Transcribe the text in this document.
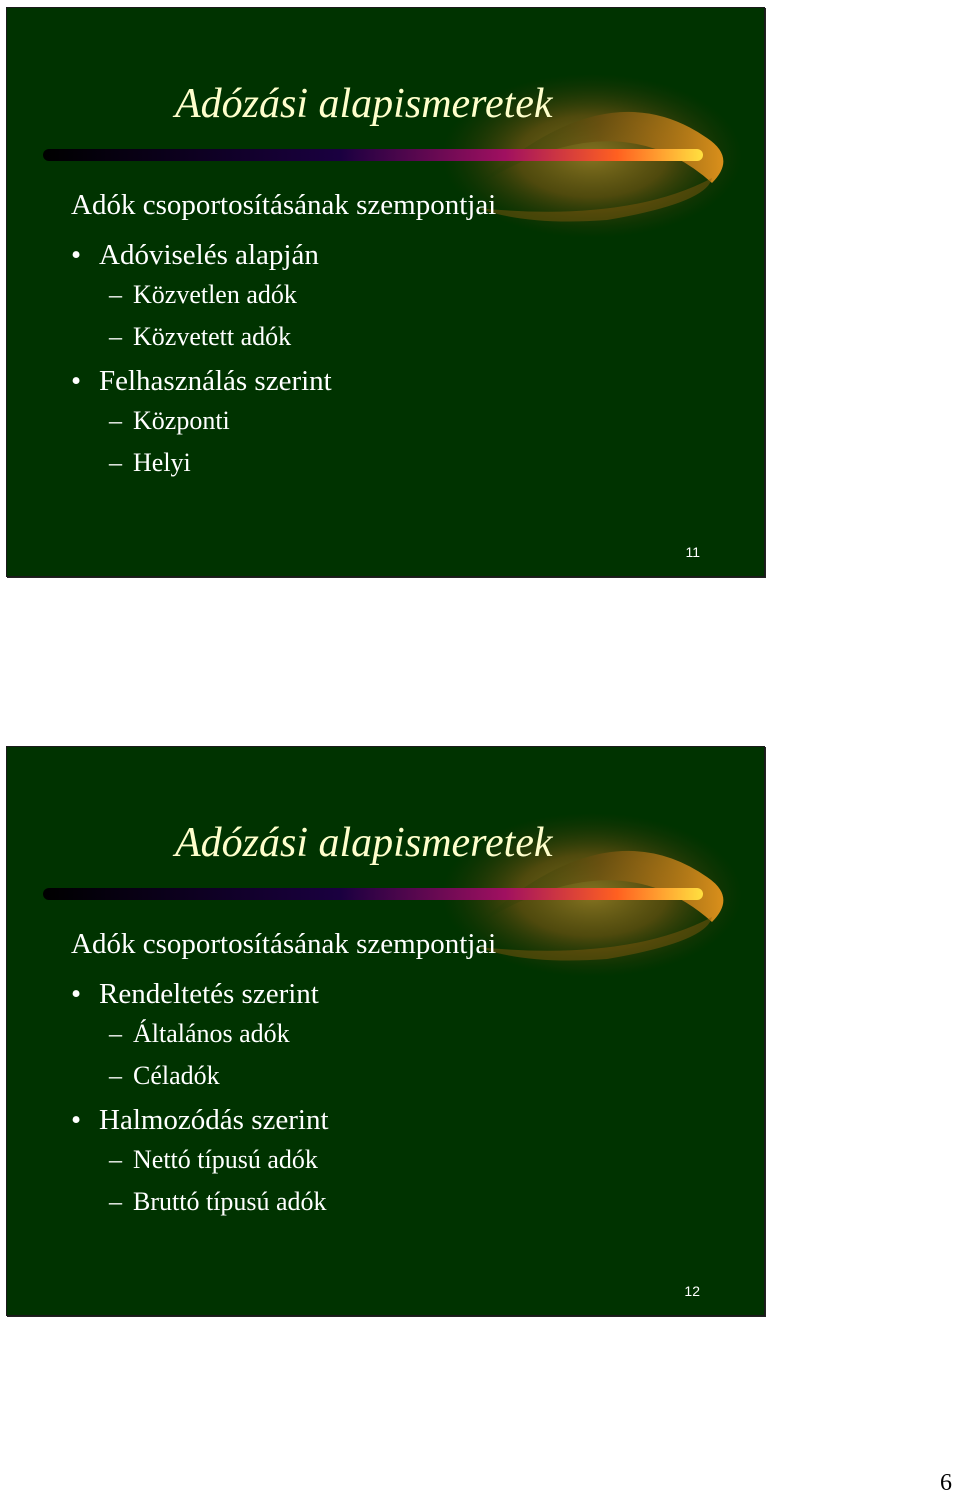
Adózási alapismeretek
Adók csoportosításának szempontjai
• Adóviselés alapján
– Közvetlen adók
– Közvetett adók
• Felhasználás szerint
– Központi
– Helyi
11
Adózási alapismeretek
Adók csoportosításának szempontjai
• Rendeltetés szerint
– Általános adók
– Céladók
• Halmozódás szerint
– Nettó típusú adók
– Bruttó típusú adók
12
6
